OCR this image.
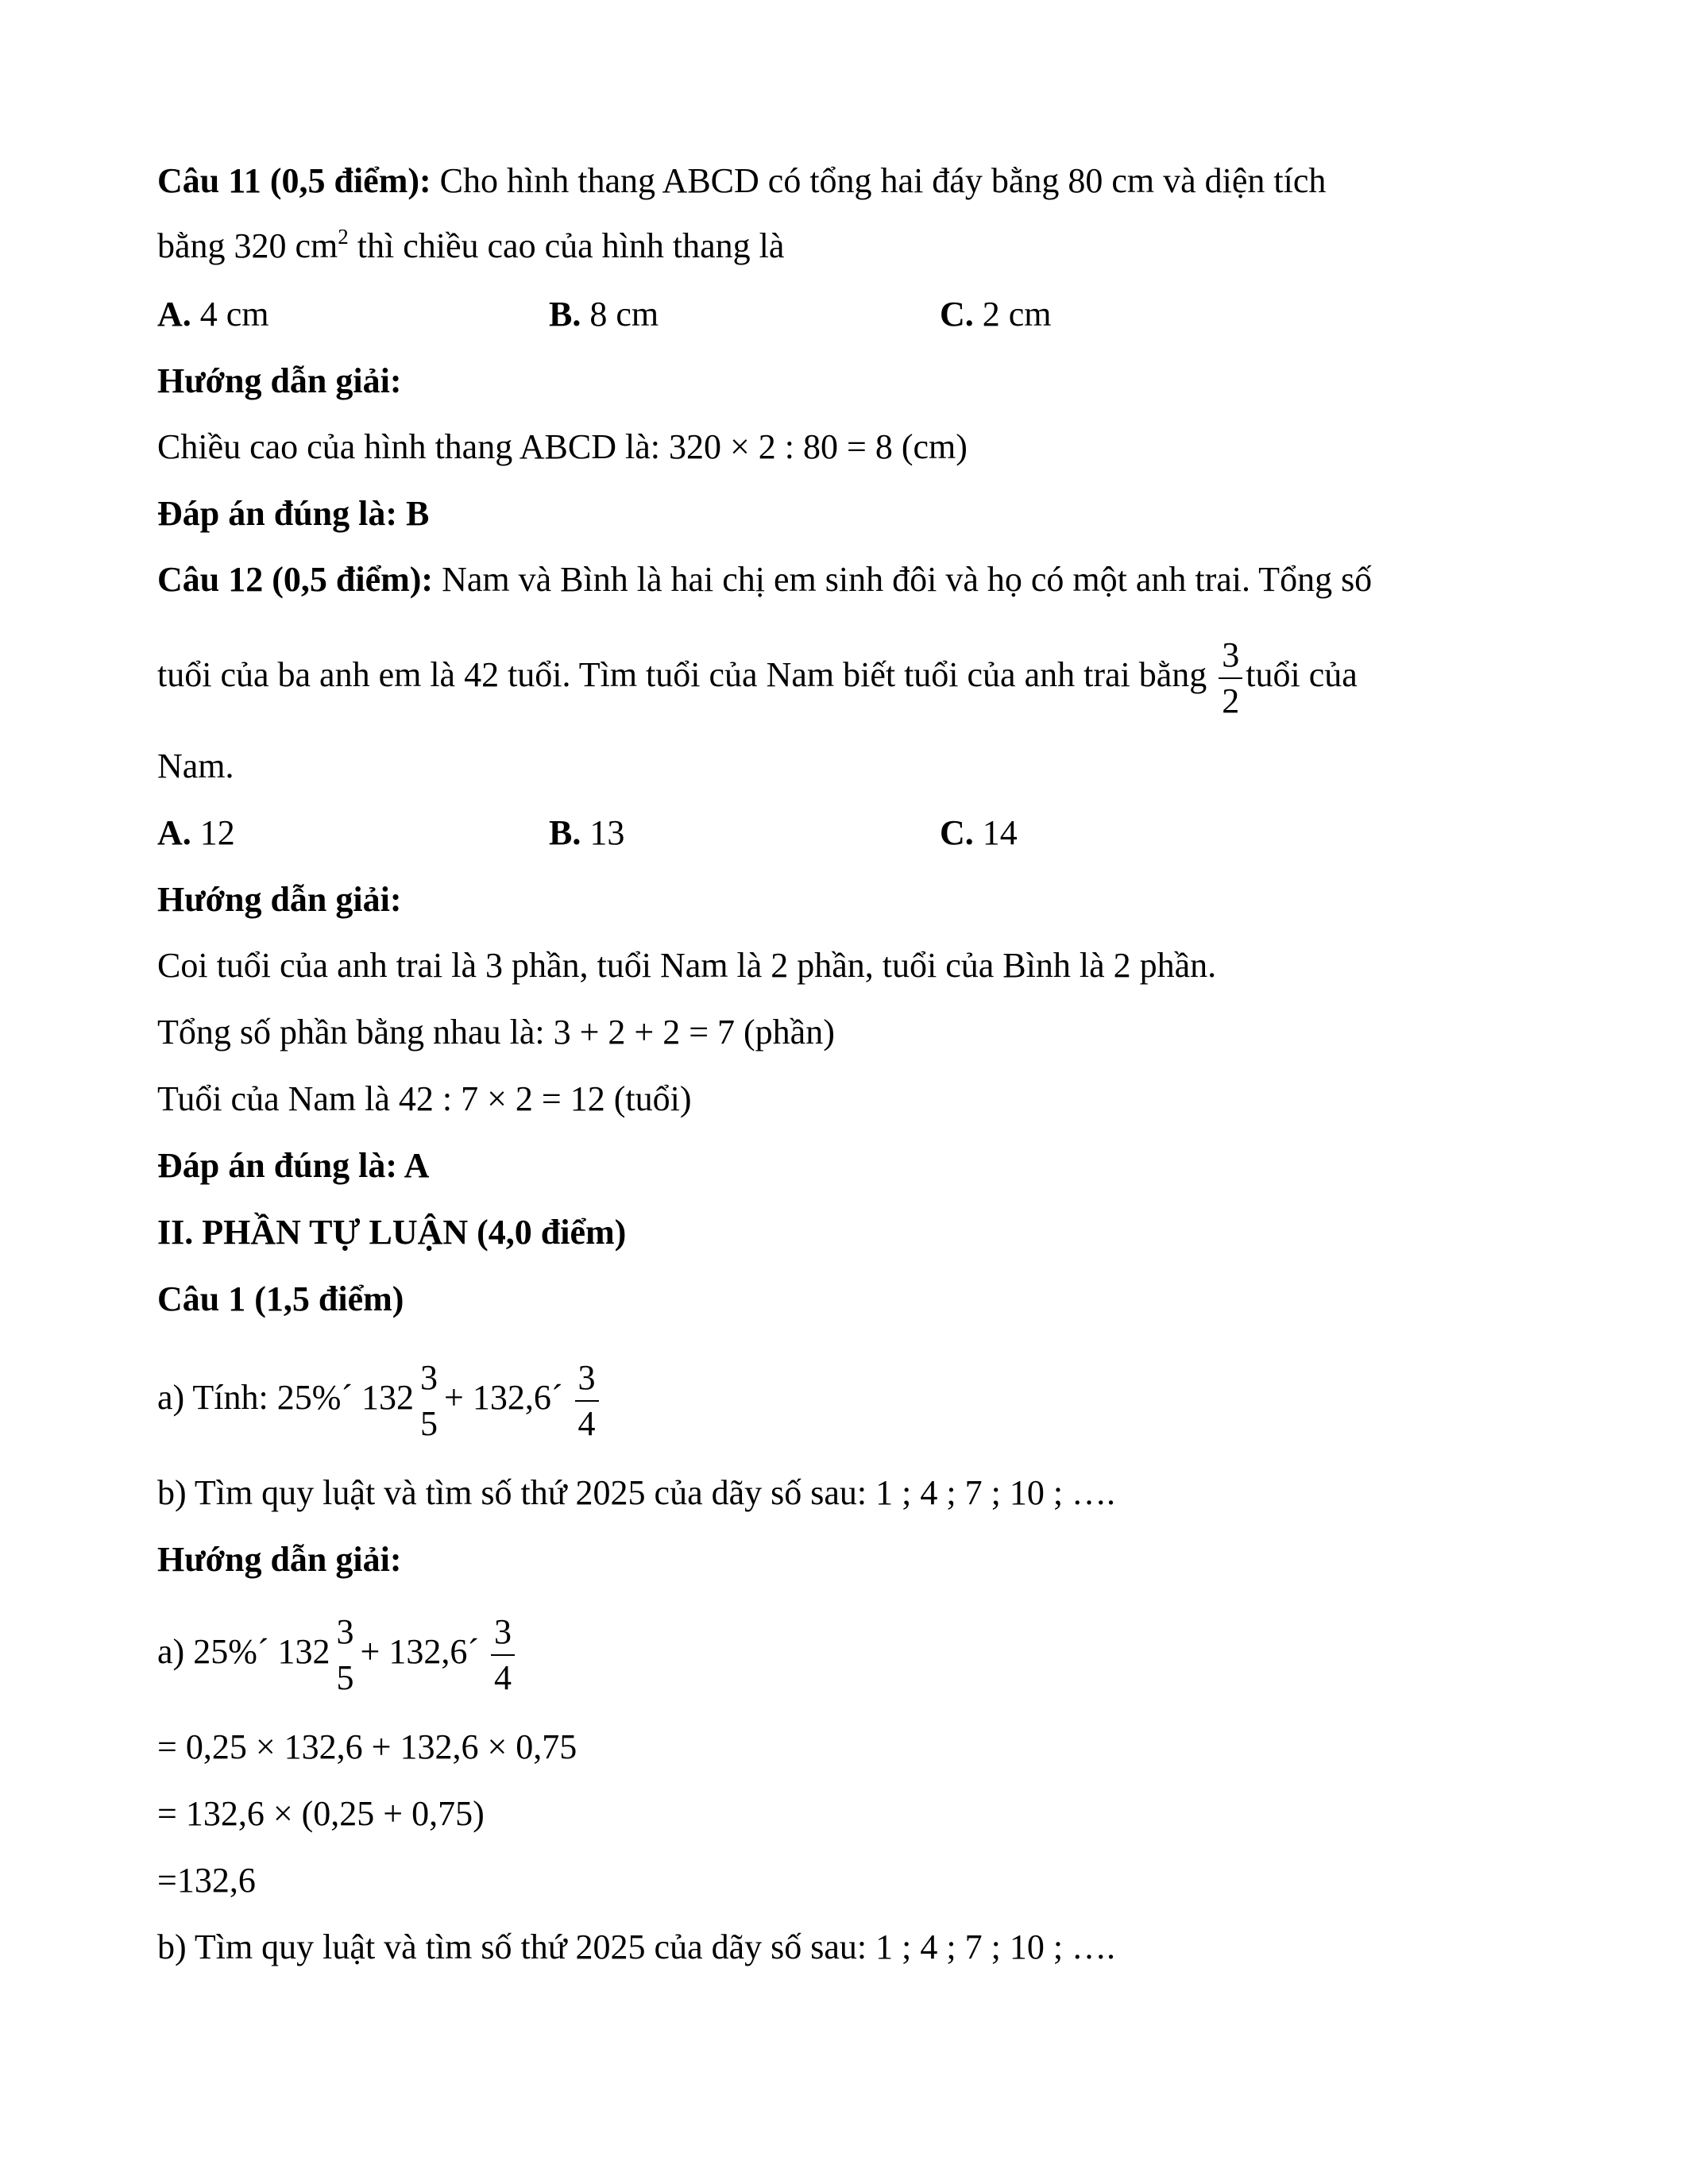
Câu 11 (0,5 điểm): Cho hình thang ABCD có tổng hai đáy bằng 80 cm và diện tích
bằng 320 $cm^2$ thì chiều cao của hình thang là
A. 4 cm	B. 8 cm	C. 2 cm
Hướng dẫn giải:
Chiều cao của hình thang ABCD là: 320 × 2 : 80 = 8 (cm)
Đáp án đúng là: B
Câu 12 (0,5 điểm): Nam và Bình là hai chị em sinh đôi và họ có một anh trai. Tổng số
tuổi của ba anh em là 42 tuổi. Tìm tuổi của Nam biết tuổi của anh trai bằng $\frac{3}{2}$ tuổi của
Nam.
A. 12	B. 13	C. 14
Hướng dẫn giải:
Coi tuổi của anh trai là 3 phần, tuổi Nam là 2 phần, tuổi của Bình là 2 phần.
Tổng số phần bằng nhau là: 3 + 2 + 2 = 7 (phần)
Tuổi của Nam là 42 : 7 × 2 = 12 (tuổi)
Đáp án đúng là: A
II. PHẦN TỰ LUẬN (4,0 điểm)
Câu 1 (1,5 điểm)
a) Tính: 25%´ $132 \frac{3}{5}$ + 132,6´ $\frac{3}{4}$
b) Tìm quy luật và tìm số thứ 2025 của dãy số sau: 1 ; 4 ; 7 ; 10 ; ….
Hướng dẫn giải:
a) 25%´ $132 \frac{3}{5}$ + 132,6´ $\frac{3}{4}$
= 0,25 × 132,6 + 132,6 × 0,75
= 132,6 × (0,25 + 0,75)
=132,6
b) Tìm quy luật và tìm số thứ 2025 của dãy số sau: 1 ; 4 ; 7 ; 10 ; ….
